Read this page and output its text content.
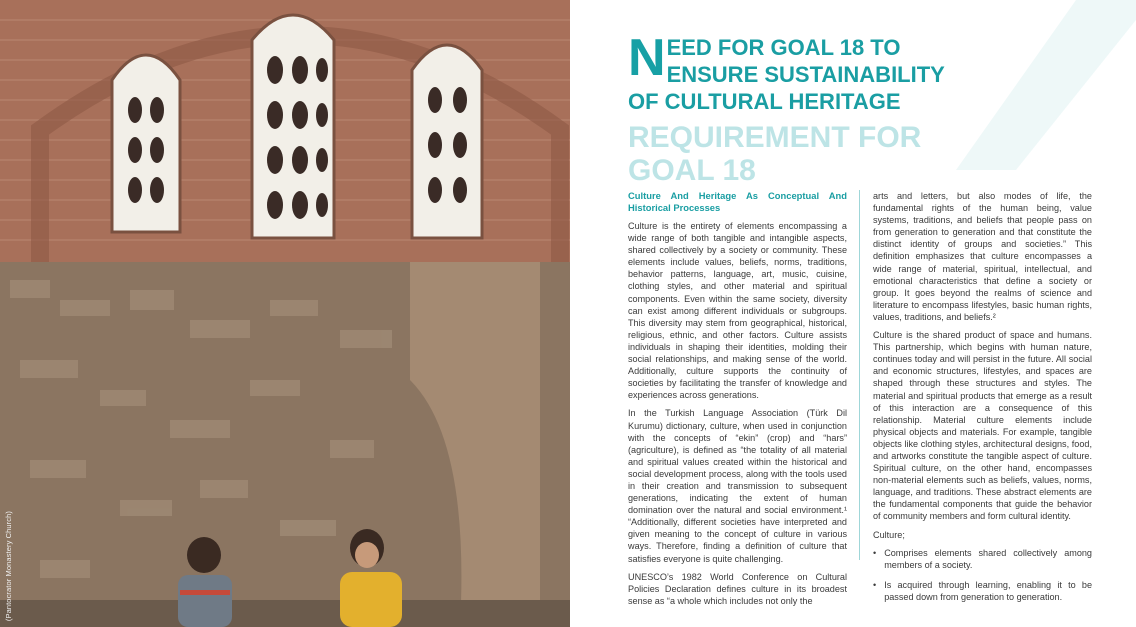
(Pantocrator Monastery Church)
N EED FOR GOAL 18 TO
ENSURE SUSTAINABILITY
OF CULTURAL HERITAGE
REQUIREMENT FOR
GOAL 18
Culture And Heritage As Conceptual And Historical Processes

Culture is the entirety of elements encompassing a wide range of both tangible and intangible aspects, shared collectively by a society or community. These elements include values, beliefs, norms, traditions, behavior patterns, language, art, music, cuisine, clothing styles, and other material and spiritual components. Even within the same society, diversity can exist among different individuals or subgroups. This diversity may stem from geographical, historical, religious, ethnic, and other factors. Culture assists individuals in shaping their identities, molding their social relationships, and making sense of the world. Additionally, culture supports the continuity of societies by facilitating the transfer of knowledge and experiences across generations.

In the Turkish Language Association (Türk Dil Kurumu) dictionary, culture, when used in conjunction with the concepts of “ekin” (crop) and “hars” (agriculture), is defined as “the totality of all material and spiritual values created within the historical and social development process, along with the tools used in their creation and transmission to subsequent generations, indicating the extent of human domination over the natural and social environment.¹ “Additionally, different societies have interpreted and given meaning to the concept of culture in various ways. Therefore, finding a definition of culture that satisfies everyone is quite challenging.

UNESCO’s 1982 World Conference on Cultural Policies Declaration defines culture in its broadest sense as “a whole which includes not only the

arts and letters, but also modes of life, the fundamental rights of the human being, value systems, traditions, and beliefs that people pass on from generation to generation and that constitute the distinct identity of groups and societies.” This definition emphasizes that culture encompasses a wide range of material, spiritual, intellectual, and emotional characteristics that define a society or group. It goes beyond the realms of science and literature to encompass lifestyles, basic human rights, values, traditions, and beliefs.²

Culture is the shared product of space and humans. This partnership, which begins with human nature, continues today and will persist in the future. All social and economic structures, lifestyles, and spaces are shaped through these structures and styles. The material and spiritual products that emerge as a result of this interaction are a consequence of this relationship. Material culture elements include physical objects and materials. For example, tangible objects like clothing styles, architectural designs, food, and artworks constitute the tangible aspect of culture. Spiritual culture, on the other hand, encompasses non-material elements such as beliefs, values, norms, language, and traditions. These abstract elements are the fundamental components that guide the behavior of community members and form cultural identity.

Culture;

• Comprises elements shared collectively among members of a society.
• Is acquired through learning, enabling it to be passed down from generation to generation.
